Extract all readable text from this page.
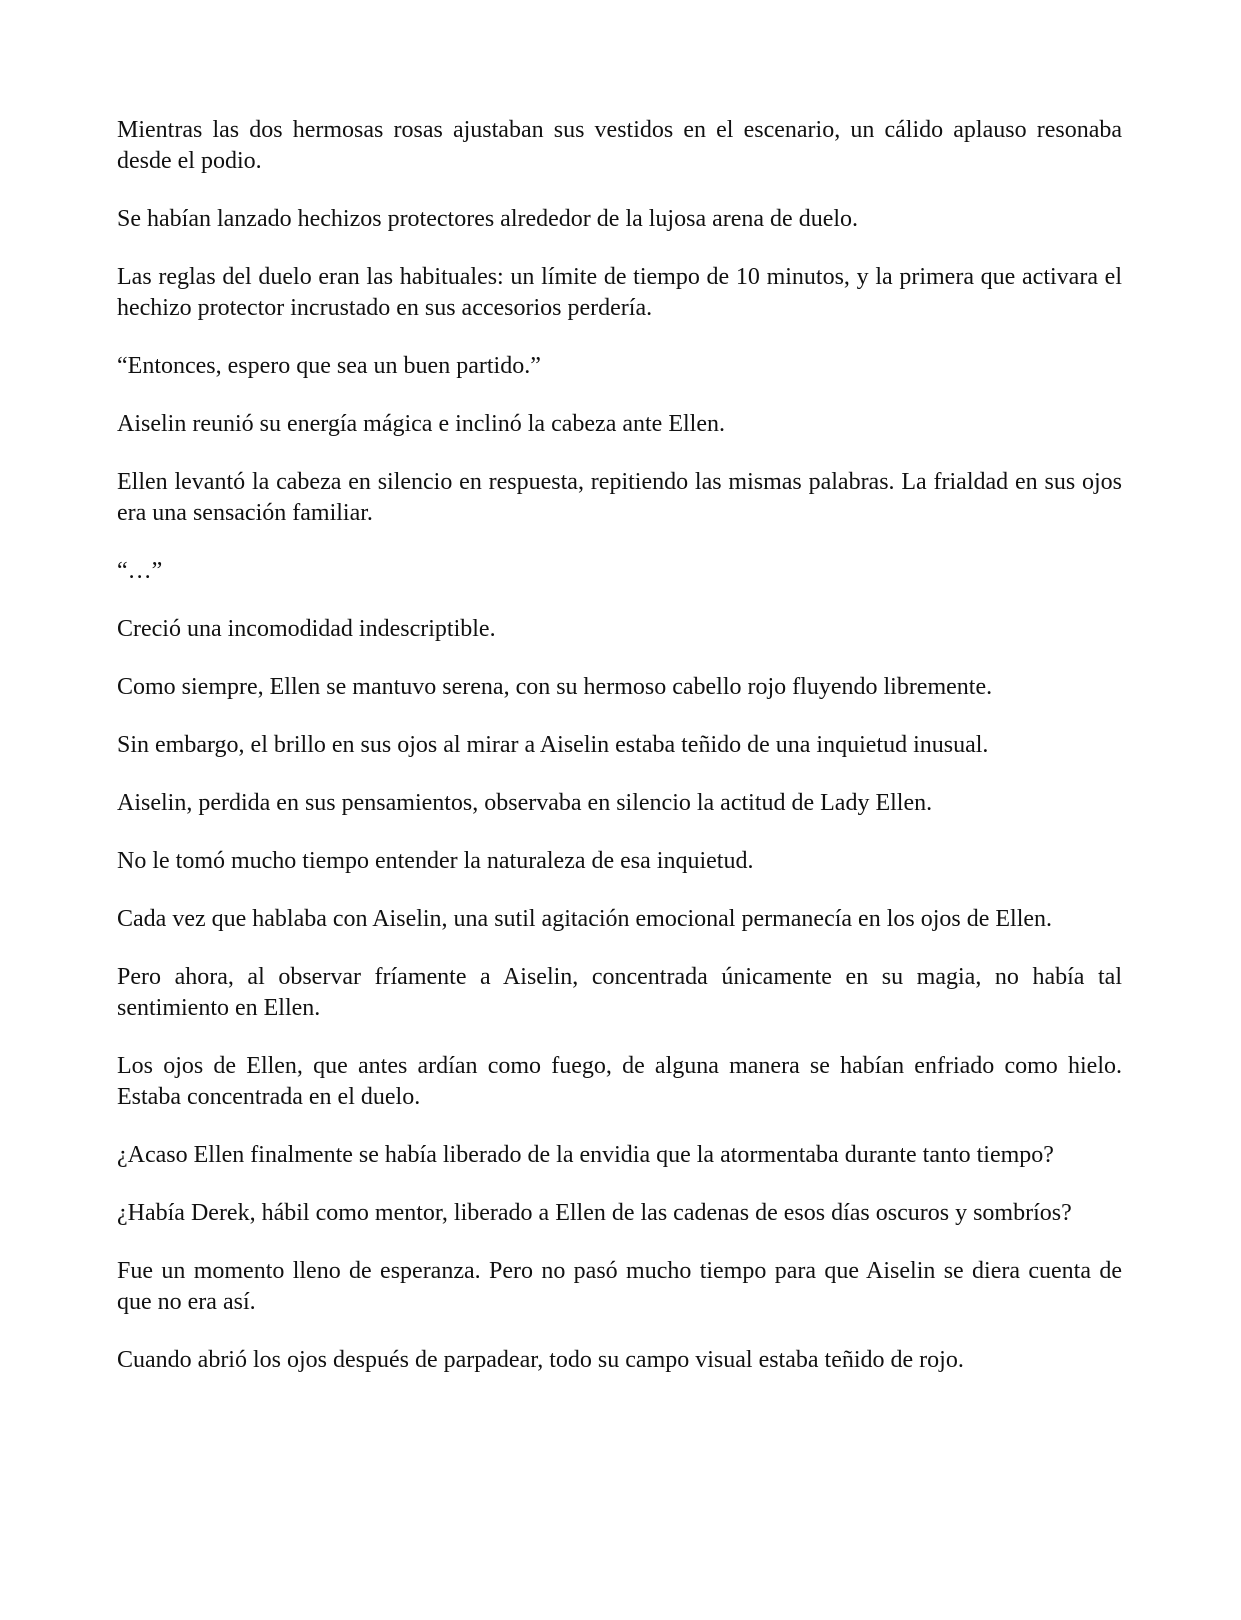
Mientras las dos hermosas rosas ajustaban sus vestidos en el escenario, un cálido aplauso resonaba desde el podio.

Se habían lanzado hechizos protectores alrededor de la lujosa arena de duelo.

Las reglas del duelo eran las habituales: un límite de tiempo de 10 minutos, y la primera que activara el hechizo protector incrustado en sus accesorios perdería.

“Entonces, espero que sea un buen partido.”

Aiselin reunió su energía mágica e inclinó la cabeza ante Ellen.

Ellen levantó la cabeza en silencio en respuesta, repitiendo las mismas palabras. La frialdad en sus ojos era una sensación familiar.

“…”

Creció una incomodidad indescriptible.

Como siempre, Ellen se mantuvo serena, con su hermoso cabello rojo fluyendo libremente.

Sin embargo, el brillo en sus ojos al mirar a Aiselin estaba teñido de una inquietud inusual.

Aiselin, perdida en sus pensamientos, observaba en silencio la actitud de Lady Ellen.

No le tomó mucho tiempo entender la naturaleza de esa inquietud.

Cada vez que hablaba con Aiselin, una sutil agitación emocional permanecía en los ojos de Ellen.

Pero ahora, al observar fríamente a Aiselin, concentrada únicamente en su magia, no había tal sentimiento en Ellen.

Los ojos de Ellen, que antes ardían como fuego, de alguna manera se habían enfriado como hielo. Estaba concentrada en el duelo.

¿Acaso Ellen finalmente se había liberado de la envidia que la atormentaba durante tanto tiempo?

¿Había Derek, hábil como mentor, liberado a Ellen de las cadenas de esos días oscuros y sombríos?

Fue un momento lleno de esperanza. Pero no pasó mucho tiempo para que Aiselin se diera cuenta de que no era así.

Cuando abrió los ojos después de parpadear, todo su campo visual estaba teñido de rojo.
